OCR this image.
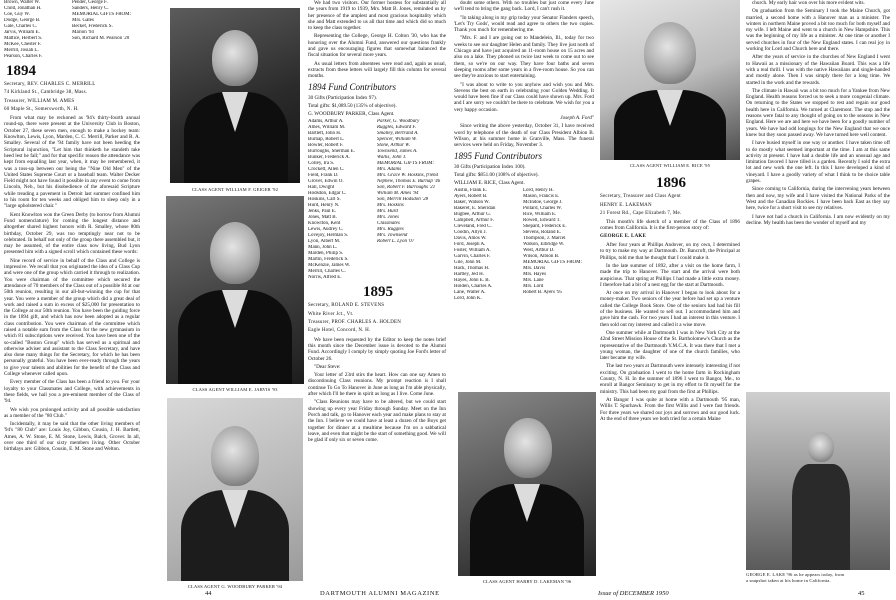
Brown, Walter W.
Child, Jonathan H.
Coe, Guy W.
Dodge, George B.
Gale, Charles C.
Jarvis, William E.
Mattice, Herbert S.
McKee, Chester F.
Merrill, Josiah L.
Pearson, Charles F.
Pender, George F.
Sanders, Henry C.
MEMORIAL GIFTS FROM:
Mrs. Gates
Becket, Frederick S.
Marion '94
Son, Richard M. Pearson '20
1894

Secretary, REV. CHARLES C. MERRILL

74 Kirkland St., Cambridge 38, Mass.

Treasurer, WILLIAM M. AMES

60 Maple St., Somersworth, N. H.

From what may be reckoned as '94's thirty-fourth annual round-up, there were present at the University Club in Boston, October 27, these seven men, enough to make a hockey team: Knowlton, Lewis, Lyon, Marden, C. C. Merrill, Parker and R. A. Smalley. Several of the '94 family have not been heeding the Scriptural injunction, "Let him that thinketh he standeth take heed lest he fall;" and for that specific reason the attendance was kept from equalling last year, when, it may be remembered, it was a toss-up between our being the "Nine Old Men" of the United States Supreme Court or a baseball team. Walter Decker Field might not have found it possible in any event to come from Lincoln, Neb., but his disobedience of the aforesaid Scripture while treading a pavement in Detroit last summer confined him to his room for ten weeks and obliged him to sleep only in a "large upholstered chair."

Kent Knowlton won the Green Derby (to borrow from Alumni Fund nomenclature) for coming the longest distance and altogether shared highest honors with R. Smalley, whose 80th birthday, October 29, was too temptingly near not to be celebrated. In behalf not only of the group there assembled but, it may be assumed, of the entire class now living, Bud Lyon presented him with a signed scroll which contained these words:

Nine record of service in behalf of the Class and College is impressive. We recall that you originated the idea of a Class Cup and were one of the group which carried it through to realization. You were chairman of the committee which secured the attendance of 70 members of the Class out of a possible 84 at our 50th reunion, resulting in our all-but-winning the cup for that year. You were a member of the group which did a great deal of work and raised a sum in excess of $25,000 for presentation to the College at our 50th reunion. You have been the guiding force in the 1894 gift, and which has now been adopted as a regular class contribution. You were chairman of the committee which raised a notable sum from the Class for the new gymnasium in which 81 subscriptions were received. You have been one of the so-called "Boston Group" which has served as a spiritual and otherwise adviser and assistant to the Class Secretary, and have also done many things for the Secretary, for which he has been personally grateful. You have been ever-ready through the years to give your talents and abilities for the benefit of the Class and College whenever called upon.

Every member of the Class has been a friend to you. For your loyalty to your Classmates and College, with achievements in these fields, we hail you a pre-eminent member of the Class of '94.

We wish you prolonged activity and all possible satisfaction as a member of the "80 Club."

Incidentally, it may be said that the other living members of '94's "80 Club" are: Louis Joy, Gibbon, Cousin, J. H. Bartlett, Ames, A. W. Stone, E. M. Stone, Lewis, Balch, Grover. In all, over one third of our sixty members living. Other October birthdays are: Gibbon, Cousin, E. M. Stone and Welton.

CLASS AGENT WILLIAM F. GEIGER '92
CLASS AGENT WILLIAM E. JARVIS '93
CLASS AGENT G. WOODBURY PARKER '94

We had two visitors. Our former hostess for substantially all the years from 1919 to 1939, Mrs. Matt B. Jones, reminded us by her presence of the amplest and most gracious hospitality which she and Matt extended to us all that time and which did so much to keep the class together.

Representing the College, George H. Colton '30, who has the honoring over the Alumni Fund, answered our questions frankly and gave us encouraging figures that somewhat balanced the fiscal situation for several more years.

As usual letters from absentees were read and, again as usual, extracts from these letters will largely fill this column for several months.

1894 Fund Contributors

30 Gifts (Participation Index 97).

Total gifts: $1,089.50 (135% of objective).

G. WOODBURY PARKER, Class Agent.

Adams, Arthur A.
Ames, William M.
Bartlett, John H.
Burnap, Robert L.
Bowler, Robert F.
Burroughs, Sherman E.
Bunker, Frederick A.
Colley, Ira S.
Crockett, Allen C.
Field, Frank D.
Grover, Edwin O.
Hall, Dwight
Hodsdon, Edgar C.
Hoskins, Carl S.
Hurd, Henry N.
Jenks, Paul E.
Jones, Matt B.
Knowlton, Kent
Lewis, Audrey C.
Lovejoy, Herman S.
Lyon, Albert M.
Mann, John L.
Marden, Philip S.
Martin, Frederick S.
McKenzie, James W.
Merrill, Charles C.
Norris, Alfred E.
Parker, G. Woodbury
Ruggles, Edward F.
Smalley, Bertrand A.
Spencer, William W.
Stone, Arthur W.
Townsend, James A.
Wallis, John T.
MEMORIAL GIFTS FROM:
Mrs. Adams
Mrs. Grace W. Hoskins, friend
Nephew, Thomas E. Burnap '46
Son, Robert F. Burroughs '21
William M. Ames '94
Son, Merrill Hodsdon '28
Mrs. Hoskins
Mrs. Hurd
Mrs. Jones
Classmates
Mrs. Ruggles
Mrs. Townsend
Robert L. Lyon '07
1895

Secretary, ROLAND E. STEVENS

White River Jct., Vt.

Treasurer, PROF. CHARLES A. HOLDEN

Eagle Hotel, Concord, N. H.

We have been requested by the Editor to keep the notes brief this month since the December issue is devoted to the Alumni Fund. Accordingly I comply by simply quoting Joe Ford's letter of October 26.

"Dear Steve:

Your letter of 23rd stirs the heart. How can one say Amen to discontinuing Class reunions. My prompt reaction is I shall continue To Go To Hanover in June as long as I'm able physically, after which I'll be there in spirit as long as I live. Come June.

"Class Reunions may have to be altered, but we could start showing up every year Friday through Sunday. Meet on the Inn Porch and talk, go to Hanover each year and make plans to stay at the Inn. I believe we could have at least a dozen of the Boys get together for dinner at a mealtime because I'm on a sabbatical leave, and even that might be the start of something good. We will be glad if only six or seven come.

44	DARTMOUTH ALUMNI MAGAZINE

doubt some others. With no troubles but just come every June we'll tend to bring the gang back. Lord, I can't rush it.

"In taking along in my grip today your Senator Flanders speech, 'Let's Try Gods', would read and agree to others the two copies. Thank you much for remembering me.

"Mrs. F. and I are going out to Mandelein, Ill., today for two weeks to see our daughter Helen and family. They live just north of Chicago and have just acquired an 11-room house on 15 acres and also on a lake. They phoned us twice last week to come out to see them, so we're on our way. They have four baths and seven sleeping rooms after some years in a five-room house. So you can see they're anxious to start entertaining.

"I was about to write to you anyhow and wish you and Mrs. Stevens the best on earth in celebrating your Golden Wedding. It would have been fine if our Class could have shown up. Mrs. Ford and I are sorry we couldn't be there to celebrate. We wish for you a very happy occasion.

Joseph A. Ford"

Since writing the above yesterday, October 31, I have received word by telephone of the death of our Class President Albion B. Wilson, at his summer home in Granville, Mass. The funeral services were held on Friday, November 3.

1895 Fund Contributors

30 Gifts (Participation Index 100).

Total gifts: $851.00 (108% of objective).

WILLIAM E. RICE, Class Agent.

Austin, Frank E.
Ayers, Robert B.
Baker, Watson W.
Bakeret, E. Sheridan
Bugbee, Arthur G.
Campbell, Arthur F.
Cleveland, Fred C.
Coodin, Allyn J.
Davis, Amos W.
Ford, Joseph A.
Foster, William A.
Garvin, Charles F.
Gile, John M.
Hack, Thomas H.
Hartley, Jed H.
Hayes, John E. B.
Holden, Charles A.
Lane, Walter A.
Lord, John K.
Lord, Henry H.
Mason, Francis E.
McIndoe, George J.
Pollard, Charles W.
Rice, William E.
Rowell, Edward T.
Shepard, Frederick E.
Stevens, Roland E.
Thompson, J. Marcel
Watson, Elbridge W.
West, Arthur D.
Wilson, Albion B.
MEMORIAL GIFTS FROM:
Mrs. Davis
Mrs. Hayes
Mrs. Lane
Mrs. Lord
Robert B. Ayers '95
CLASS AGENT HARRY D. LAKEMAN '96
CLASS AGENT WILLIAM E. RICE '95
1896

Secretary, Treasurer and Class Agent

HENRY E. LAKEMAN

21 Forest Rd., Cape Elizabeth 7, Me.

This month's life sketch of a member of the Class of 1896 comes from California. It is the first-person story of:

GEORGE E. LAKE

After four years at Phillips Andover, on my own, I determined to try to make my way at Dartmouth. Dr. Bancroft, the Principal at Phillips, told me that he thought that I could make it.

In the late summer of 1892, after a visit on the home farm, I made the trip to Hanover. The start and the arrival were both auspicious. That spring at Phillips I had made a little extra money. I therefore had a bit of a nest egg for the start at Dartmouth.

At once on my arrival in Hanover I began to look about for a money-maker. Two seniors of the year before had set up a venture called the College Book Store. One of the seniors had had his fill of the business. He wanted to sell out. I accommodated him and gave him the cash. For two years I had an interest in this venture. I then sold out my interest and called it a wise move.

One summer while at Dartmouth I was in New York City at the 42nd Street Mission House of the St. Bartholomew's Church as the representative of the Dartmouth Y.M.C.A. It was there that I met a young woman, the daughter of one of the church families, who later became my wife.

The last two years at Dartmouth were intensely interesting if not exciting. On graduation I went to the home farm in Rockingham County, N. H. In the summer of 1896 I went to Bangor, Me., to enroll at Bangor Seminary to get in my effort to fit myself for the ministry. This had been my goal from the first at Phillips.

At Bangor I was quite at home with a Dartmouth '95 man, Willis T. Spurhawk. From the first Willis and I were fast friends. For three years we shared our joys and sorrows and our good luck. At the end of three years we both tried for a certain Maine

church. My early hair won over his more evident wits.

On graduation from the Seminary I took the Maine Church, got married, a second home with a Hanover man as a minister. The winters in northern Maine proved a bit too much for both myself and my wife. I left Maine and went to a church in New Hampshire. This was the beginning of my life as a minister. At one time or another I served churches in four of the New England states. I can real joy in working for Lord and Church here and there.

After the years of service in the churches of New England I went to Hawaii as a missionary of the Hawaiian Board. This was a life with a real thrill. I was with the native Hawaiians and single-handed and mostly alone. Then I was simply there for a long time. We started in the work and the rewards.

The climate in Hawaii was a bit too much for a Yankee from New England. Health reasons forced us to seek a more congenial climate. On returning to the States we stopped to rest and regain our good health here in California. We turned at Claremont. The stop and the reasons were fatal to any thought of going on to the seasons in New England. Here we are and here we have been for a goodly number of years. We have had odd longings for the New England that we once knew but they soon passed away. We have turned here well content.

I have busied myself in one way or another. I have taken time off to do mostly what seemed important at the time. I am at this same activity at present. I have had a double life and an unusual age and limitation favored I have tilled is a garden. Recently I sold the extra lot and new work the one left. In this I have developed a kind of vineyard. I have a goodly variety of what I think to be choice table grapes.

Since coming to California, during the intervening years between then and now, my wife and I have visited the National Parks of the West and the Canadian Rockies. I have been back East as they say here, twice for a short visit to see my relatives.

I have not had a church in California. I am now evidently on my decline. My health has been the wonder of myself and my

GEORGE E. LAKE '96 as he appears today, from
a snapshot taken at his home in California.
Issue of DECEMBER 1950	45
